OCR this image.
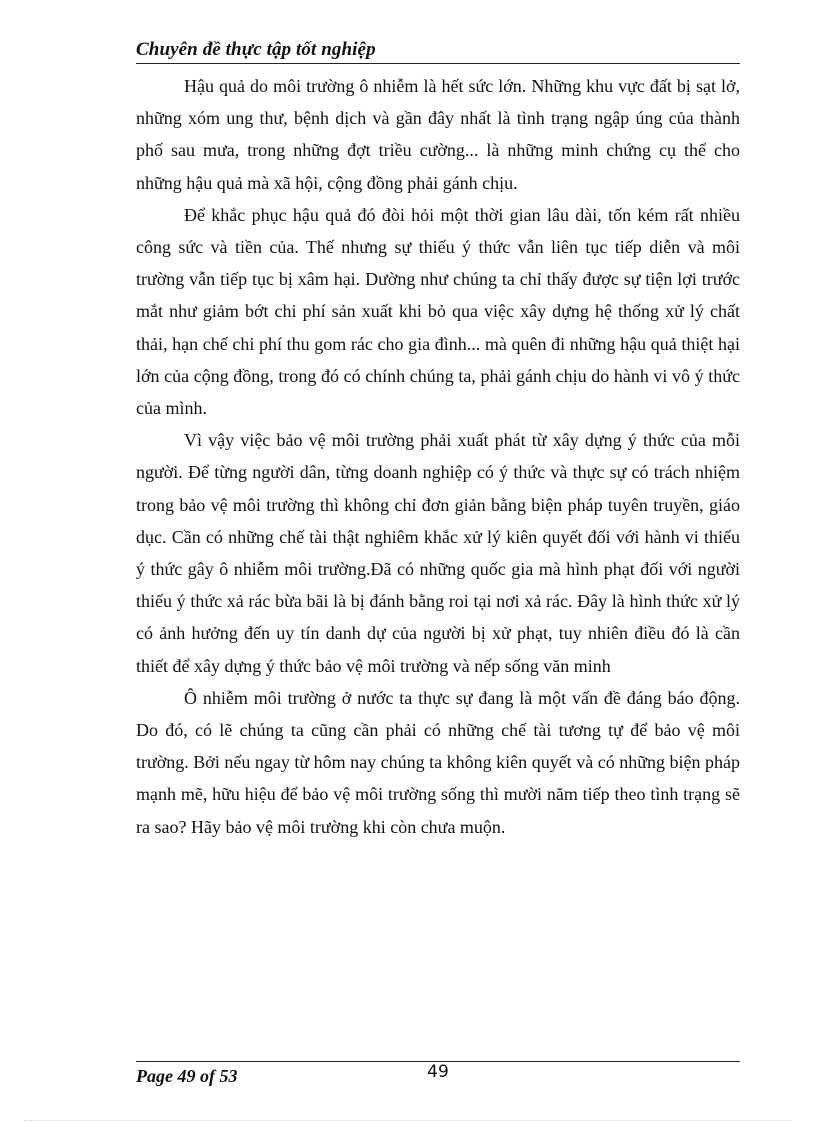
Chuyên đề thực tập tốt nghiệp

Hậu quả do môi trường ô nhiễm là hết sức lớn. Những khu vực đất bị sạt lở, những xóm ung thư, bệnh dịch và gần đây nhất là tình trạng ngập úng của thành phố sau mưa, trong những đợt triều cường... là những minh chứng cụ thể cho những hậu quả mà xã hội, cộng đồng phải gánh chịu.

Để khắc phục hậu quả đó đòi hỏi một thời gian lâu dài, tốn kém rất nhiều công sức và tiền của. Thế nhưng sự thiếu ý thức vẫn liên tục tiếp diễn và môi trường vẫn tiếp tục bị xâm hại. Dường như chúng ta chỉ thấy được sự tiện lợi trước mắt như giảm bớt chi phí sản xuất khi bỏ qua việc xây dựng hệ thống xử lý chất thải, hạn chế chi phí thu gom rác cho gia đình... mà quên đi những hậu quả thiệt hại lớn của cộng đồng, trong đó có chính chúng ta, phải gánh chịu do hành vi vô ý thức của mình.

Vì vậy việc bảo vệ môi trường phải xuất phát từ xây dựng ý thức của mỗi người. Để từng người dân, từng doanh nghiệp có ý thức và thực sự có trách nhiệm trong bảo vệ môi trường thì không chỉ đơn giản bằng biện pháp tuyên truyền, giáo dục. Cần có những chế tài thật nghiêm khắc xử lý kiên quyết đối với hành vi thiếu ý thức gây ô nhiễm môi trường.Đã có những quốc gia mà hình phạt đối với người thiếu ý thức xả rác bừa bãi là bị đánh bằng roi tại nơi xả rác. Đây là hình thức xử lý có ảnh hưởng đến uy tín danh dự của người bị xử phạt, tuy nhiên điều đó là cần thiết để xây dựng ý thức bảo vệ môi trường và nếp sống văn minh

Ô nhiễm môi trường ở nước ta thực sự đang là một vấn đề đáng báo động. Do đó, có lẽ chúng ta cũng cần phải có những chế tài tương tự để bảo vệ môi trường. Bởi nếu ngay từ hôm nay chúng ta không kiên quyết và có những biện pháp mạnh mẽ, hữu hiệu để bảo vệ môi trường sống thì mười năm tiếp theo tình trạng sẽ ra sao? Hãy bảo vệ môi trường khi còn chưa muộn.

Page 49 of 53	49
